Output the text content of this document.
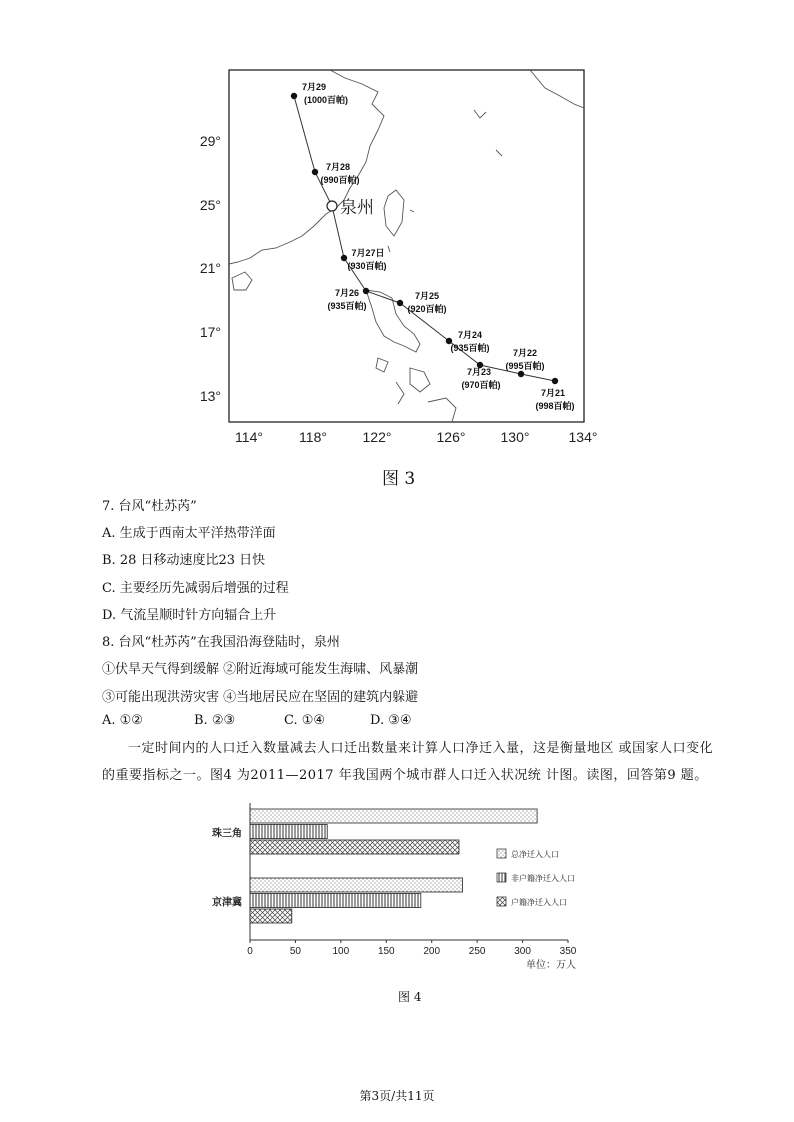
29°
25°
21°
17°
13°
114°	118°	122°	126°	130°	134°
泉州
7月29
(1000百帕)
7月28
(990百帕)
7月27日
(930百帕)
7月26
(935百帕)
7月25
(920百帕)
7月24
(935百帕)
7月23
(970百帕)
7月22
(995百帕)
7月21
(998百帕)
图 3
7. 台风“杜苏芮”
A. 生成于西南太平洋热带洋面
B. 28 日移动速度比23 日快
C. 主要经历先减弱后增强的过程
D. 气流呈顺时针方向辐合上升
8. 台风“杜苏芮”在我国沿海登陆时，泉州
①伏旱天气得到缓解 ②附近海域可能发生海啸、风暴潮
③可能出现洪涝灾害 ④当地居民应在坚固的建筑内躲避
A. ①②	B. ②③	C. ①④	D. ③④
一定时间内的人口迁入数量减去人口迁出数量来计算人口净迁入量，这是衡量地区 或国家人口变化的重要指标之一。图4 为2011—2017 年我国两个城市群人口迁入状况统 计图。读图，回答第9 题。
0	50	100	150	200	250	300	350
单位：万人
珠三角
京津冀
总净迁入人口
非户籍净迁入人口
户籍净迁入人口
图 4
第3页/共11页
